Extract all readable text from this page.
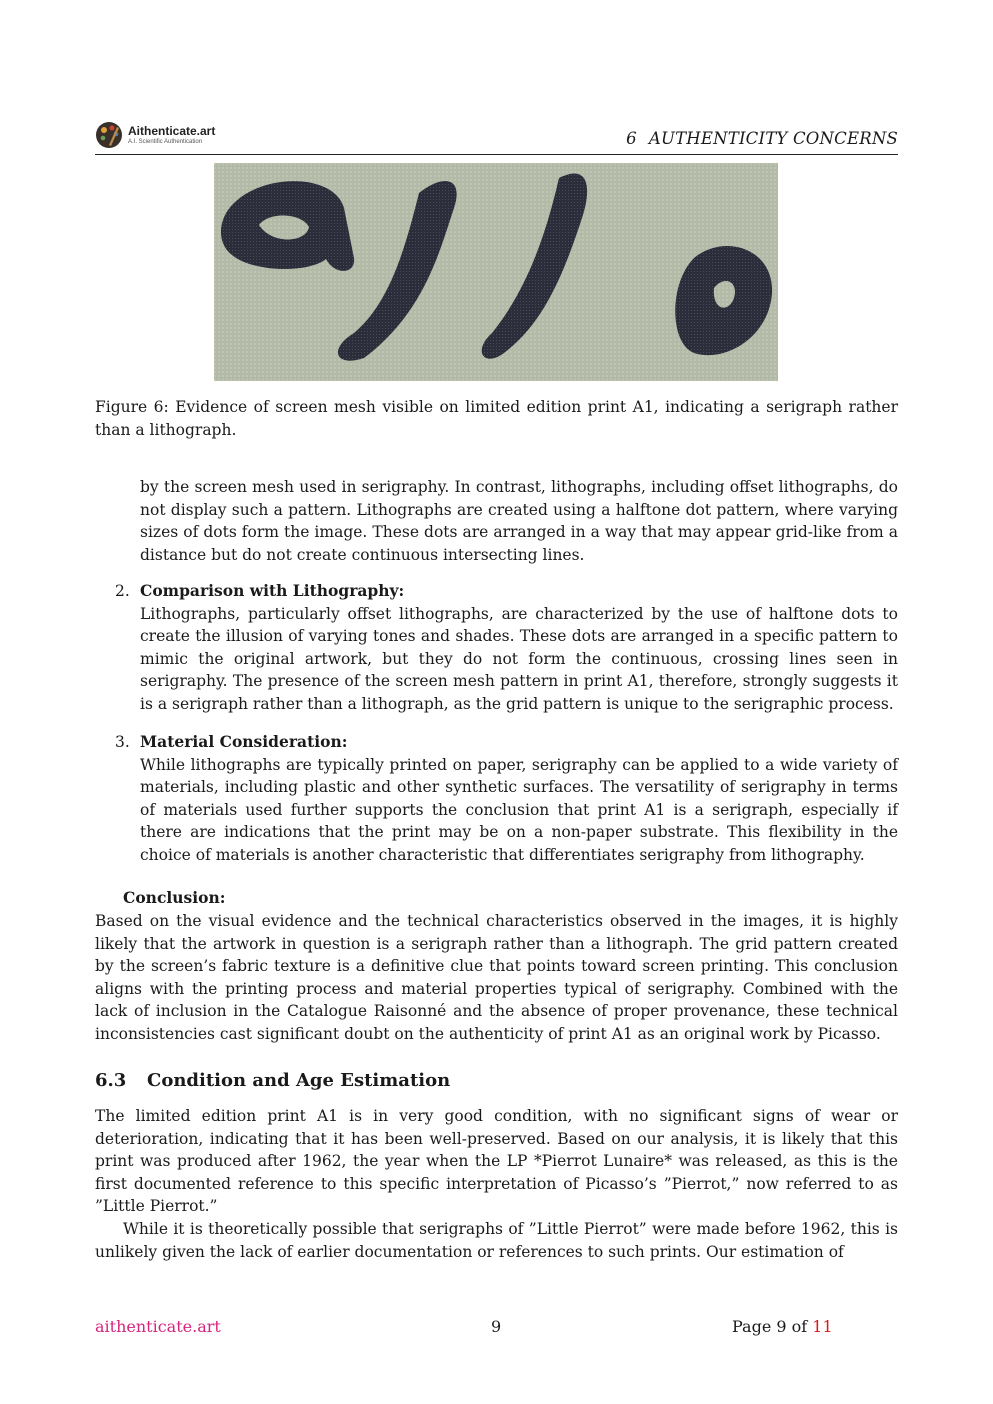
Aithenticate.art
A.I. Scientific Authentication	6 AUTHENTICITY CONCERNS
Figure 6: Evidence of screen mesh visible on limited edition print A1, indicating a serigraph rather than a lithograph.

by the screen mesh used in serigraphy. In contrast, lithographs, including offset lithographs, do not display such a pattern. Lithographs are created using a halftone dot pattern, where varying sizes of dots form the image. These dots are arranged in a way that may appear grid-like from a distance but do not create continuous intersecting lines.

2. Comparison with Lithography:

Lithographs, particularly offset lithographs, are characterized by the use of halftone dots to create the illusion of varying tones and shades. These dots are arranged in a specific pattern to mimic the original artwork, but they do not form the continuous, crossing lines seen in serigraphy. The presence of the screen mesh pattern in print A1, therefore, strongly suggests it is a serigraph rather than a lithograph, as the grid pattern is unique to the serigraphic process.

3. Material Consideration:

While lithographs are typically printed on paper, serigraphy can be applied to a wide variety of materials, including plastic and other synthetic surfaces. The versatility of serigraphy in terms of materials used further supports the conclusion that print A1 is a serigraph, especially if there are indications that the print may be on a non-paper substrate. This flexibility in the choice of materials is another characteristic that differentiates serigraphy from lithography.

Conclusion:

Based on the visual evidence and the technical characteristics observed in the images, it is highly likely that the artwork in question is a serigraph rather than a lithograph. The grid pattern created by the screen’s fabric texture is a definitive clue that points toward screen printing. This conclusion aligns with the printing process and material properties typical of serigraphy. Combined with the lack of inclusion in the Catalogue Raisonné and the absence of proper provenance, these technical inconsistencies cast significant doubt on the authenticity of print A1 as an original work by Picasso.

6.3 Condition and Age Estimation

The limited edition print A1 is in very good condition, with no significant signs of wear or deterioration, indicating that it has been well-preserved. Based on our analysis, it is likely that this print was produced after 1962, the year when the LP *Pierrot Lunaire* was released, as this is the first documented reference to this specific interpretation of Picasso’s ”Pierrot,” now referred to as ”Little Pierrot.”

While it is theoretically possible that serigraphs of ”Little Pierrot” were made before 1962, this is unlikely given the lack of earlier documentation or references to such prints. Our estimation of

aithenticate.art	9	Page 9 of 11
